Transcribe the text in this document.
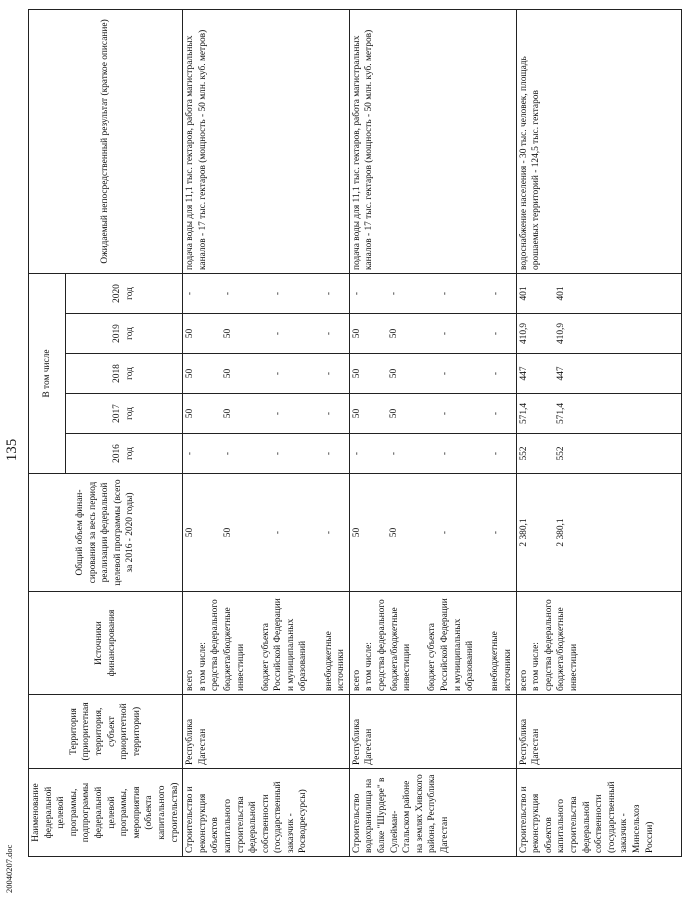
135
20040207.doc
Наименование федеральной целевой программы, подпрограммы федеральной целевой программы, мероприятия (объекта капитального строительства)	Территория (приоритетная территория, субъект приоритетной территории)	Источники финансирования	Общий объем финан-сирования за весь период реализации федеральной целевой программы (всего за 2016 - 2020 годы)	В том числе					Ожидаемый непосредственный результат (краткое описание)
				2016 год	2017 год	2018 год	2019 год	2020 год	
Строительство и реконструкция объектов капитального строительства федеральной собственности (государственный заказчик - Росводресурсы)	Республика Дагестан	всего в том числе: средства федерального бюджета/бюджетные инвестиции бюджет субъекта Российской Федерации и муниципальных образований внебюджетные источники	50 50 - -	- - - -	50 50 - -	50 50 - -	50 50 - -	- - - -	подача воды для 11,1 тыс. гектаров, работа магистральных каналов - 17 тыс. гектаров (мощность - 50 млн. куб. метров)
Строительство водохранилища на балке "Шурдере" в Сулейман-Стальском районе на землях Хивского района, Республика Дагестан	Республика Дагестан	всего в том числе: средства федерального бюджета/бюджетные инвестиции бюджет субъекта Российской Федерации и муниципальных образований внебюджетные источники	50 50 - -	- - - -	50 50 - -	50 50 - -	50 50 - -	- - - -	подача воды для 11,1 тыс. гектаров, работа магистральных каналов - 17 тыс. гектаров (мощность - 50 млн. куб. метров)
Строительство и реконструкция объектов капитального строительства федеральной собственности (государственный заказчик - Минсельхоз России)	Республика Дагестан	всего в том числе: средства федерального бюджета/бюджетные инвестиции	2 380,1 2 380,1	552 552	571,4 571,4	447 447	410,9 410,9	401 401	водоснабжение населения - 30 тыс. человек, площадь орошаемых территорий - 124,5 тыс. гектаров
